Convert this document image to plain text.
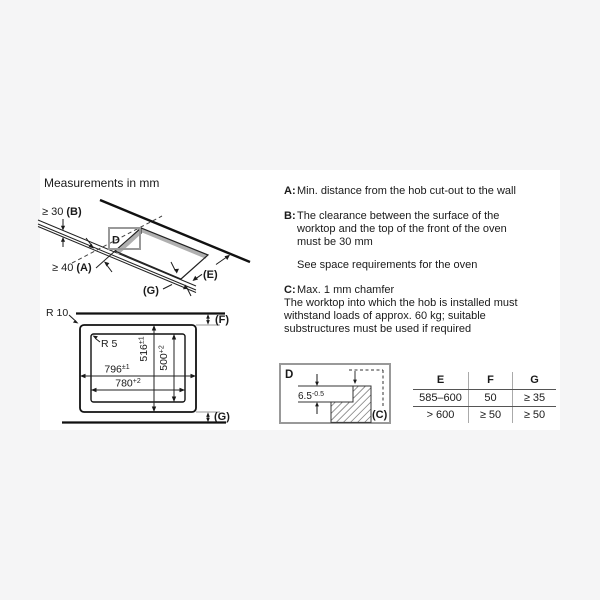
Measurements in mm
≥ 30 (B)
≥ 40 (A)
(G)
(E)
D
R 10
R 5
$516^{\pm 1}$
$500^{+2}$
$796^{\pm 1}$
$780^{+2}$
(F)
(G)
D
$6.5^{-0.5}$
(C)
A: Min. distance from the hob cut-out to the wall
B: The clearance between the surface of the
worktop and the top of the front of the oven
must be 30 mm
See space requirements for the oven
C:Max. 1 mm chamfer
The worktop into which the hob is installed must
withstand loads of approx. 60 kg; suitable
substructures must be used if required
E	F	G
585–600	50	≥ 35
> 600	≥ 50	≥ 50
